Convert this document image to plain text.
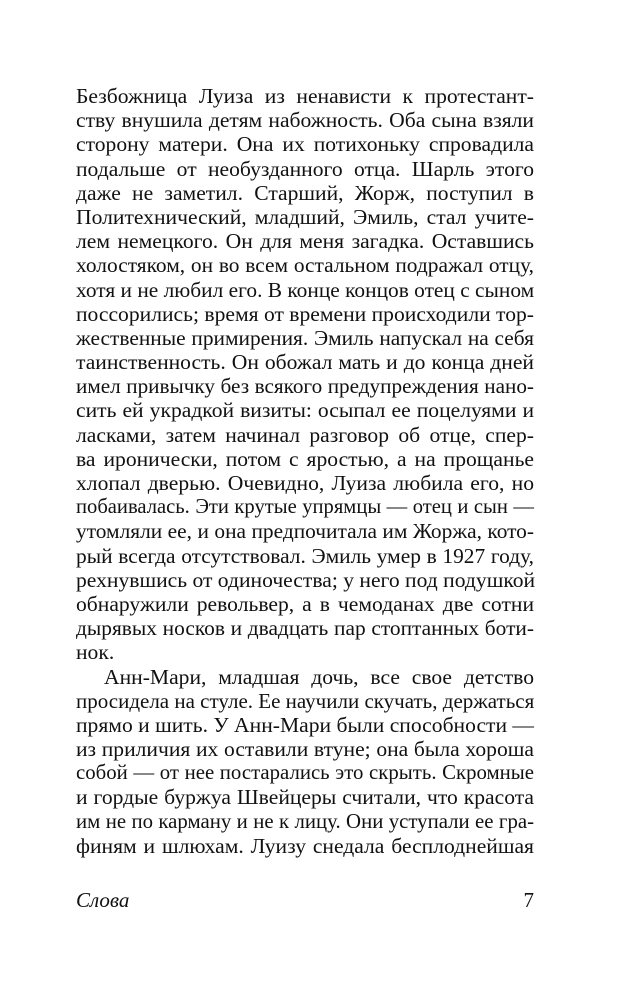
Безбожница Луиза из ненависти к протестант-
ству внушила детям набожность. Оба сына взяли
сторону матери. Она их потихоньку спровадила
подальше от необузданного отца. Шарль этого
даже не заметил. Старший, Жорж, поступил в
Политехнический, младший, Эмиль, стал учите-
лем немецкого. Он для меня загадка. Оставшись
холостяком, он во всем остальном подражал отцу,
хотя и не любил его. В конце концов отец с сыном
поссорились; время от времени происходили тор-
жественные примирения. Эмиль напускал на себя
таинственность. Он обожал мать и до конца дней
имел привычку без всякого предупреждения нано-
сить ей украдкой визиты: осыпал ее поцелуями и
ласками, затем начинал разговор об отце, спер-
ва иронически, потом с яростью, а на прощанье
хлопал дверью. Очевидно, Луиза любила его, но
побаивалась. Эти крутые упрямцы — отец и сын —
утомляли ее, и она предпочитала им Жоржа, кото-
рый всегда отсутствовал. Эмиль умер в 1927 году,
рехнувшись от одиночества; у него под подушкой
обнаружили револьвер, а в чемоданах две сотни
дырявых носков и двадцать пар стоптанных боти-
нок.
Анн-Мари, младшая дочь, все свое детство
просидела на стуле. Ее научили скучать, держаться
прямо и шить. У Анн-Мари были способности —
из приличия их оставили втуне; она была хороша
собой — от нее постарались это скрыть. Скромные
и гордые буржуа Швейцеры считали, что красота
им не по карману и не к лицу. Они уступали ее гра-
финям и шлюхам. Луизу снедала бесплоднейшая
Слова	7
